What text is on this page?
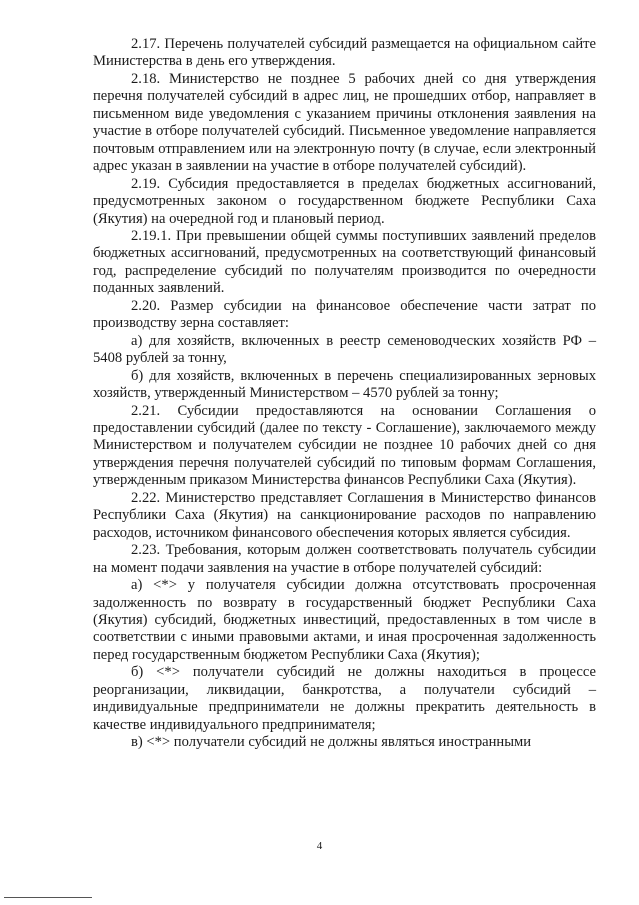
2.17. Перечень получателей субсидий размещается на официальном сайте Министерства в день его утверждения.

2.18. Министерство не позднее 5 рабочих дней со дня утверждения перечня получателей субсидий в адрес лиц, не прошедших отбор, направляет в письменном виде уведомления с указанием причины отклонения заявления на участие в отборе получателей субсидий. Письменное уведомление направляется почтовым отправлением или на электронную почту (в случае, если электронный адрес указан в заявлении на участие в отборе получателей субсидий).

2.19. Субсидия предоставляется в пределах бюджетных ассигнований, предусмотренных законом о государственном бюджете Республики Саха (Якутия) на очередной год и плановый период.

2.19.1. При превышении общей суммы поступивших заявлений пределов бюджетных ассигнований, предусмотренных на соответствующий финансовый год, распределение субсидий по получателям производится по очередности поданных заявлений.

2.20. Размер субсидии на финансовое обеспечение части затрат по производству зерна составляет:

а) для хозяйств, включенных в реестр семеноводческих хозяйств РФ – 5408 рублей за тонну,

б) для хозяйств, включенных в перечень специализированных зерновых хозяйств, утвержденный Министерством – 4570 рублей за тонну;

2.21. Субсидии предоставляются на основании Соглашения о предоставлении субсидий (далее по тексту - Соглашение), заключаемого между Министерством и получателем субсидии не позднее 10 рабочих дней со дня утверждения перечня получателей субсидий по типовым формам Соглашения, утвержденным приказом Министерства финансов Республики Саха (Якутия).

2.22. Министерство представляет Соглашения в Министерство финансов Республики Саха (Якутия) на санкционирование расходов по направлению расходов, источником финансового обеспечения которых является субсидия.

2.23. Требования, которым должен соответствовать получатель субсидии на момент подачи заявления на участие в отборе получателей субсидий:

а) <*> у получателя субсидии должна отсутствовать просроченная задолженность по возврату в государственный бюджет Республики Саха (Якутия) субсидий, бюджетных инвестиций, предоставленных в том числе в соответствии с иными правовыми актами, и иная просроченная задолженность перед государственным бюджетом Республики Саха (Якутия);

б) <*> получатели субсидий не должны находиться в процессе реорганизации, ликвидации, банкротства, а получатели субсидий – индивидуальные предприниматели не должны прекратить деятельность в качестве индивидуального предпринимателя;

в) <*> получатели субсидий не должны являться иностранными

4
